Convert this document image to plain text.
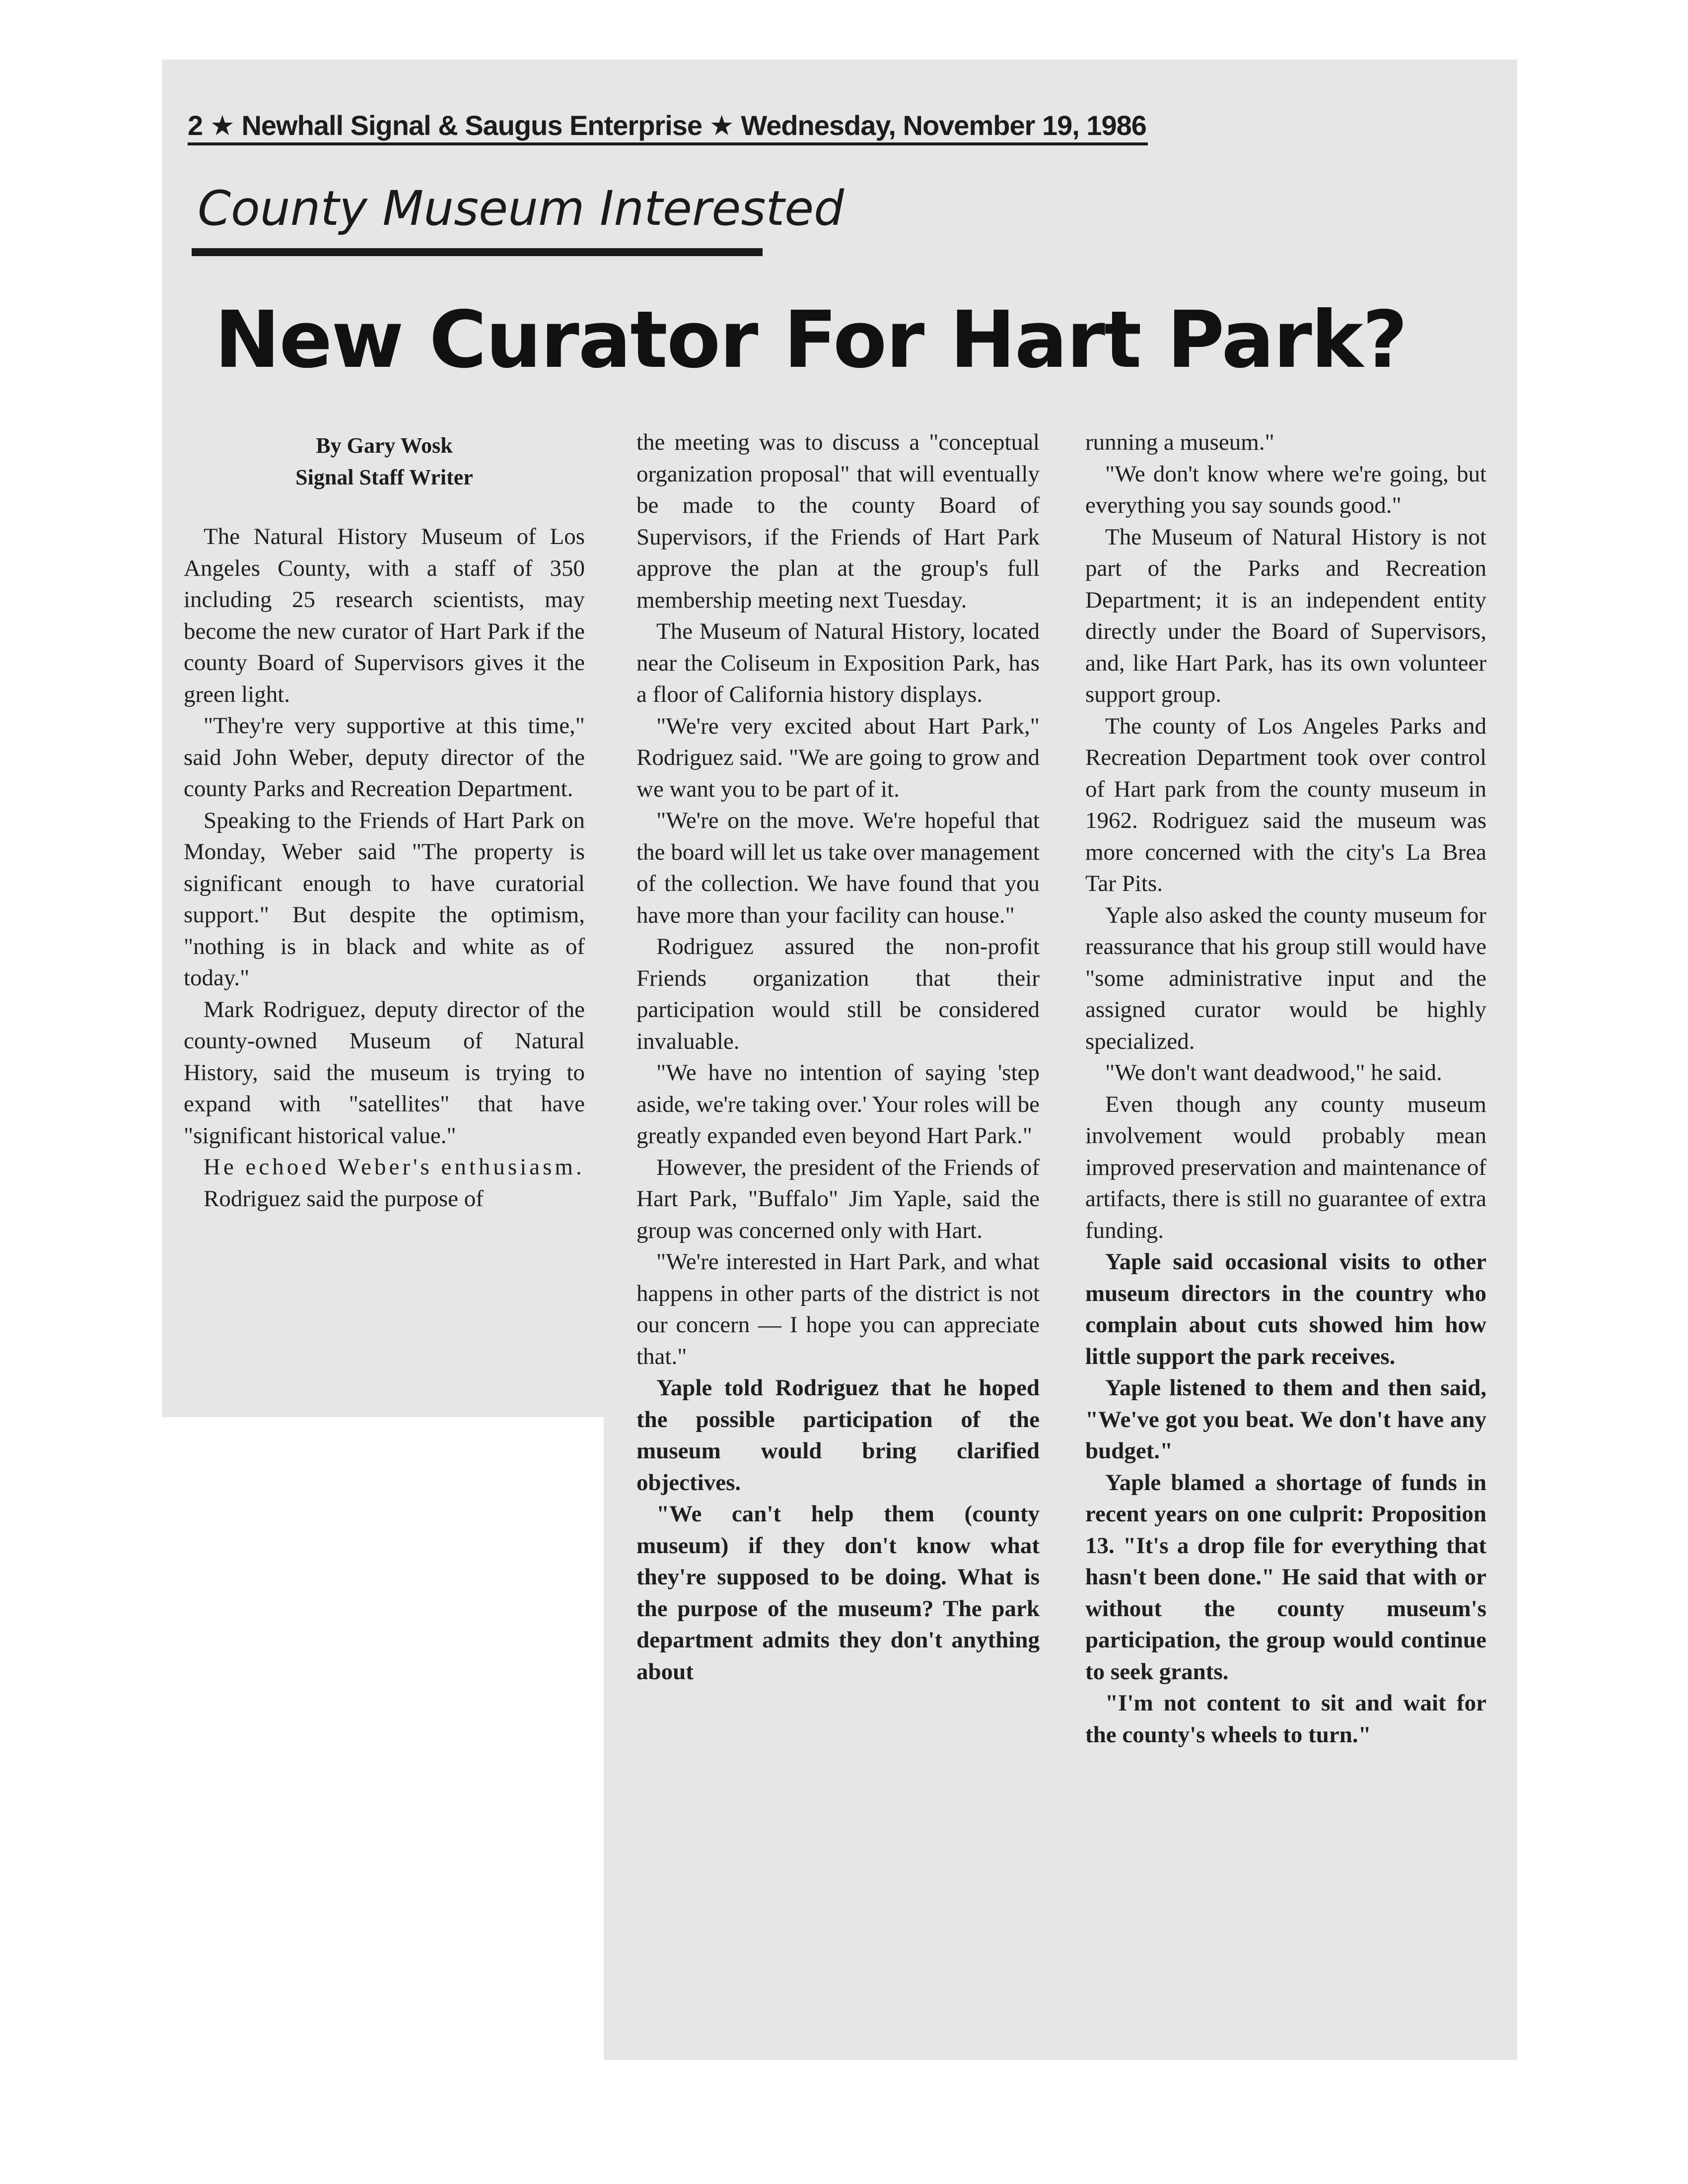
2 ★ Newhall Signal & Saugus Enterprise ★ Wednesday, November 19, 1986
County Museum Interested
New Curator For Hart Park?
By Gary Wosk
Signal Staff Writer

The Natural History Museum of Los Angeles County, with a staff of 350 including 25 research scientists, may become the new curator of Hart Park if the county Board of Supervisors gives it the green light.

"They're very supportive at this time," said John Weber, deputy director of the county Parks and Recreation Department.

Speaking to the Friends of Hart Park on Monday, Weber said "The property is significant enough to have curatorial support." But despite the optimism, "nothing is in black and white as of today."

Mark Rodriguez, deputy director of the county-owned Museum of Natural History, said the museum is trying to expand with "satellites" that have "significant historical value."

He echoed Weber's enthusiasm.

Rodriguez said the purpose of

the meeting was to discuss a "conceptual organization proposal" that will eventually be made to the county Board of Supervisors, if the Friends of Hart Park approve the plan at the group's full membership meeting next Tuesday.

The Museum of Natural History, located near the Coliseum in Exposition Park, has a floor of California history displays.

"We're very excited about Hart Park," Rodriguez said. "We are going to grow and we want you to be part of it.

"We're on the move. We're hopeful that the board will let us take over management of the collection. We have found that you have more than your facility can house."

Rodriguez assured the non-profit Friends organization that their participation would still be considered invaluable.

"We have no intention of saying 'step aside, we're taking over.' Your roles will be greatly expanded even beyond Hart Park."

However, the president of the Friends of Hart Park, "Buffalo" Jim Yaple, said the group was concerned only with Hart.

"We're interested in Hart Park, and what happens in other parts of the district is not our concern — I hope you can appreciate that."

Yaple told Rodriguez that he hoped the possible participation of the museum would bring clarified objectives.

"We can't help them (county museum) if they don't know what they're supposed to be doing. What is the purpose of the museum? The park department admits they don't anything about

running a museum."

"We don't know where we're going, but everything you say sounds good."

The Museum of Natural History is not part of the Parks and Recreation Department; it is an independent entity directly under the Board of Supervisors, and, like Hart Park, has its own volunteer support group.

The county of Los Angeles Parks and Recreation Department took over control of Hart park from the county museum in 1962. Rodriguez said the museum was more concerned with the city's La Brea Tar Pits.

Yaple also asked the county museum for reassurance that his group still would have "some administrative input and the assigned curator would be highly specialized.

"We don't want deadwood," he said.

Even though any county museum involvement would probably mean improved preservation and maintenance of artifacts, there is still no guarantee of extra funding.

Yaple said occasional visits to other museum directors in the country who complain about cuts showed him how little support the park receives.

Yaple listened to them and then said, "We've got you beat. We don't have any budget."

Yaple blamed a shortage of funds in recent years on one culprit: Proposition 13. "It's a drop file for everything that hasn't been done." He said that with or without the county museum's participation, the group would continue to seek grants.

"I'm not content to sit and wait for the county's wheels to turn."
